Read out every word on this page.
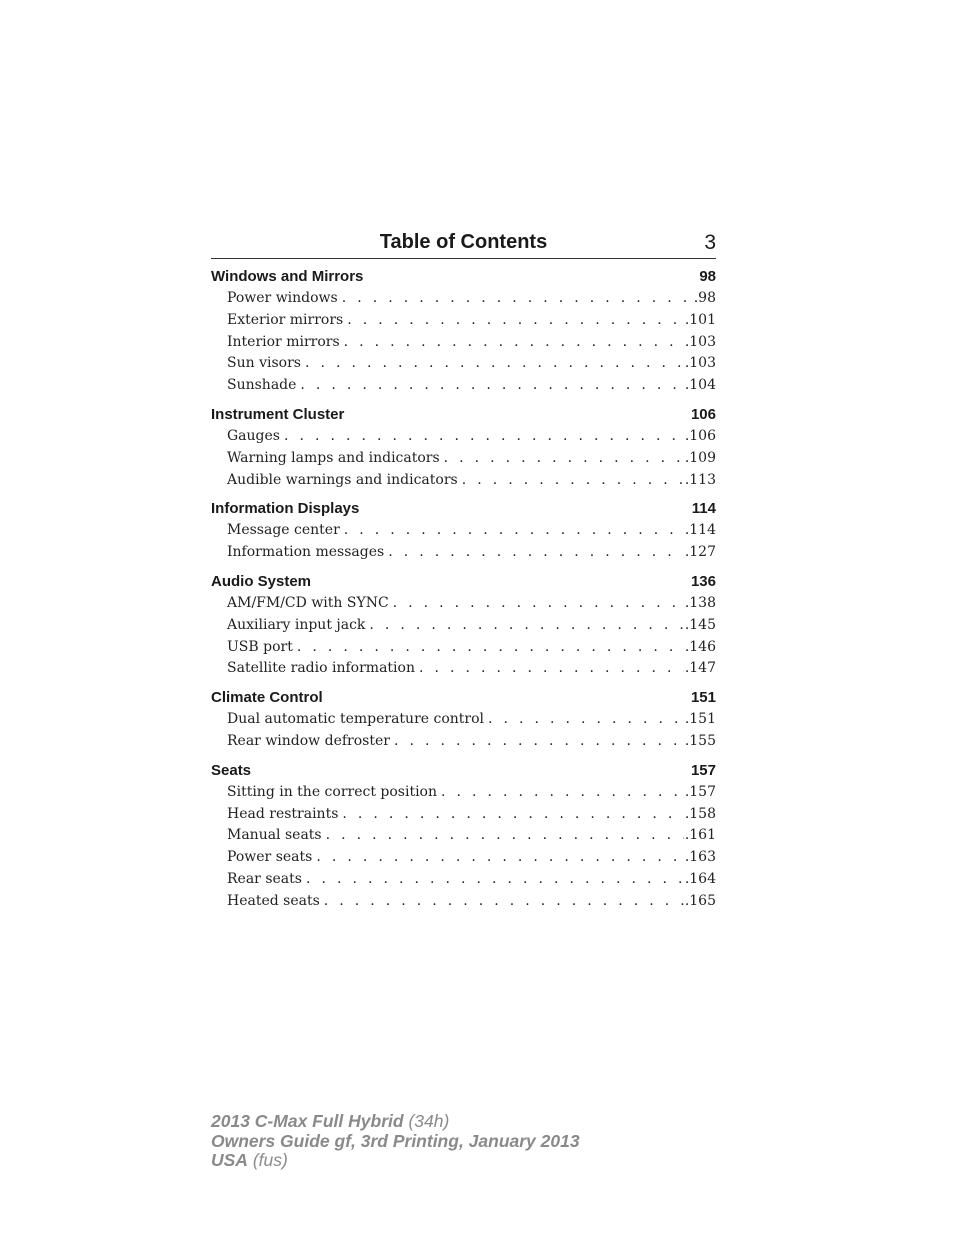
Table of Contents	3
Windows and Mirrors	98
Power windows . . .	.98
Exterior mirrors . . .	.101
Interior mirrors . . .	.103
Sun visors . . .	.103
Sunshade . . .	.104
Instrument Cluster	106
Gauges . . .	.106
Warning lamps and indicators . . .	.109
Audible warnings and indicators . . .	.113
Information Displays	114
Message center . . .	.114
Information messages . . .	.127
Audio System	136
AM/FM/CD with SYNC . . .	.138
Auxiliary input jack . . .	.145
USB port . . .	.146
Satellite radio information . . .	.147
Climate Control	151
Dual automatic temperature control . . .	.151
Rear window defroster . . .	.155
Seats	157
Sitting in the correct position . . .	.157
Head restraints . . .	.158
Manual seats . . .	.161
Power seats . . .	.163
Rear seats . . .	.164
Heated seats . . .	.165
2013 C-Max Full Hybrid (34h)
Owners Guide gf, 3rd Printing, January 2013
USA (fus)
